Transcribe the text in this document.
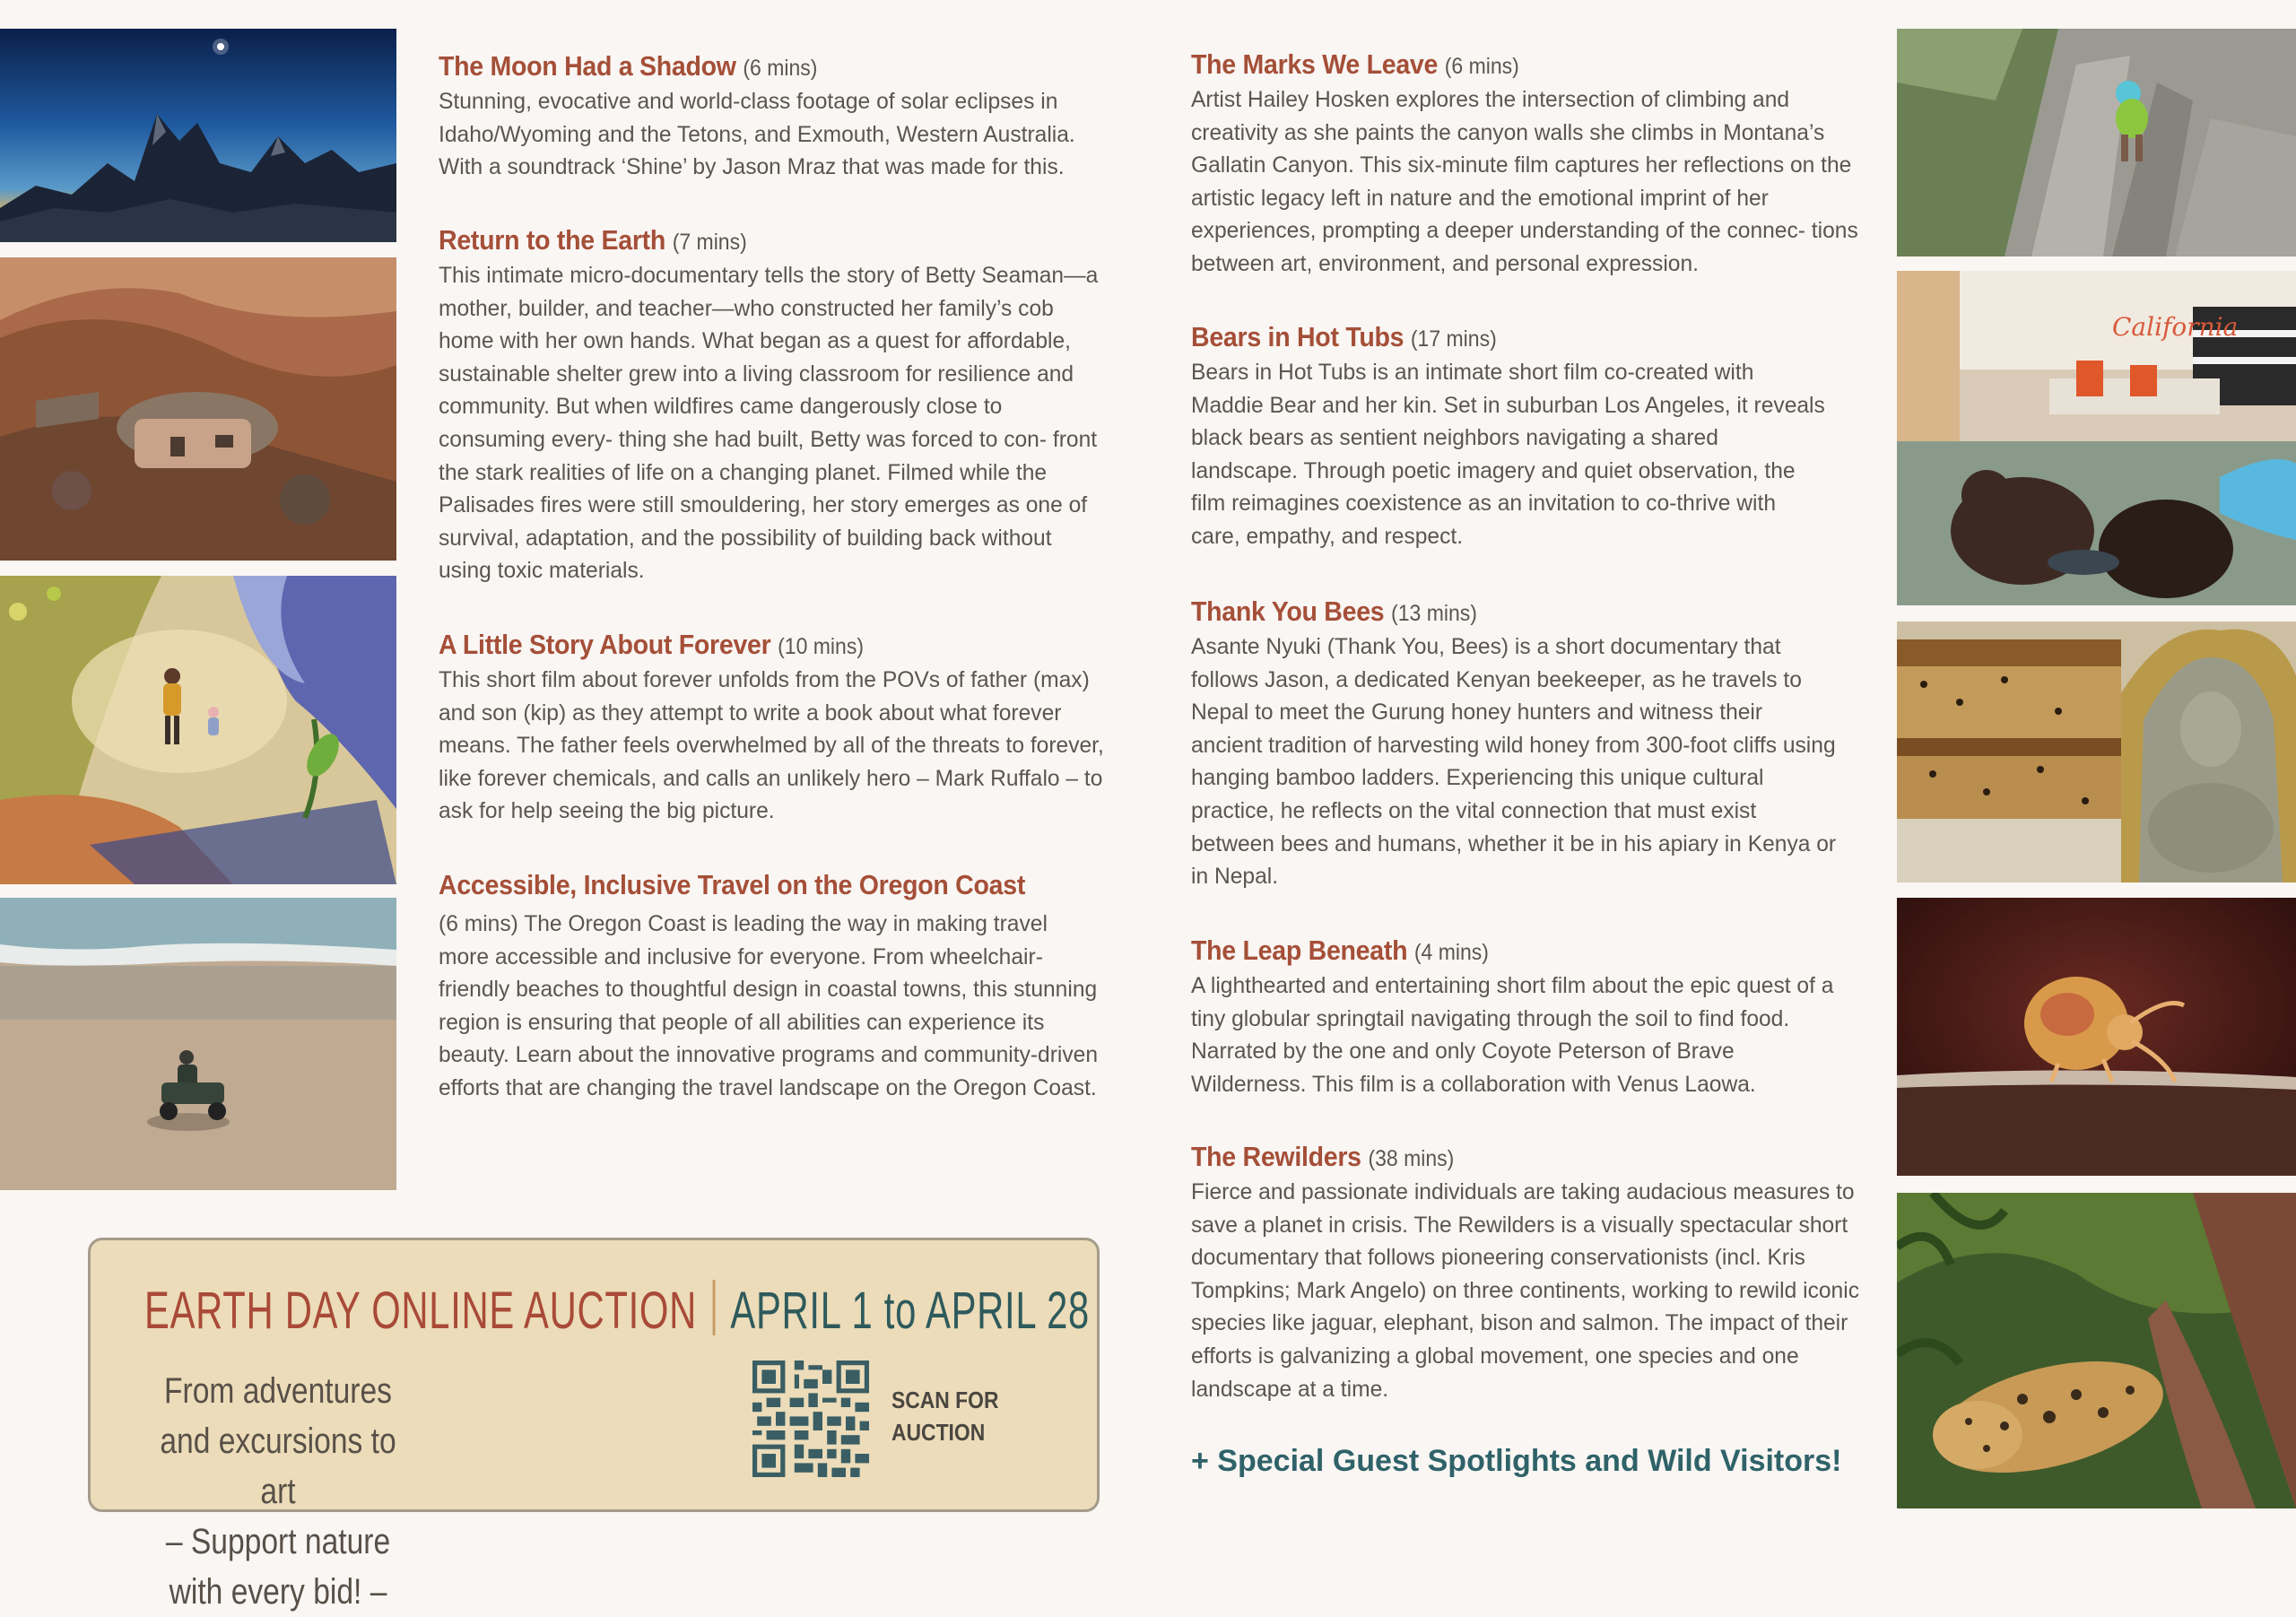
California
The Moon Had a Shadow (6 mins)

Stunning, evocative and world-class footage of solar eclipses in Idaho/Wyoming and the Tetons, and Exmouth, Western Australia. With a soundtrack ‘Shine’ by Jason Mraz that was made for this.

Return to the Earth (7 mins)

This intimate micro-documentary tells the story of Betty Seaman—a mother, builder, and teacher—who constructed her family’s cob home with her own hands. What began as a quest for affordable, sustainable shelter grew into a living classroom for resilience and community. But when wildfires came dangerously close to consuming every- thing she had built, Betty was forced to con- front the stark realities of life on a changing planet. Filmed while the Palisades fires were still smouldering, her story emerges as one of survival, adaptation, and the possibility of building back without using toxic materials.

A Little Story About Forever (10 mins)

This short film about forever unfolds from the POVs of father (max) and son (kip) as they attempt to write a book about what forever means. The father feels overwhelmed by all of the threats to forever, like forever chemicals, and calls an unlikely hero – Mark Ruffalo – to ask for help seeing the big picture.

Accessible, Inclusive Travel on the Oregon Coast

(6 mins) The Oregon Coast is leading the way in making travel more accessible and inclusive for everyone. From wheelchair-friendly beaches to thoughtful design in coastal towns, this stunning region is ensuring that people of all abilities can experience its beauty. Learn about the innovative programs and community-driven efforts that are changing the travel landscape on the Oregon Coast.

The Marks We Leave (6 mins)

Artist Hailey Hosken explores the intersection of climbing and creativity as she paints the canyon walls she climbs in Montana’s Gallatin Canyon. This six-minute film captures her reflections on the artistic legacy left in nature and the emotional imprint of her experiences, prompting a deeper understanding of the connec- tions between art, environment, and personal expression.

Bears in Hot Tubs (17 mins)

Bears in Hot Tubs is an intimate short film co-created with Maddie Bear and her kin. Set in suburban Los Angeles, it reveals black bears as sentient neighbors navigating a shared landscape. Through poetic imagery and quiet observation, the film reimagines coexistence as an invitation to co-thrive with care, empathy, and respect.

Thank You Bees (13 mins)

Asante Nyuki (Thank You, Bees) is a short documentary that follows Jason, a dedicated Kenyan beekeeper, as he travels to Nepal to meet the Gurung honey hunters and witness their ancient tradition of harvesting wild honey from 300-foot cliffs using hanging bamboo ladders. Experiencing this unique cultural practice, he reflects on the vital connection that must exist between bees and humans, whether it be in his apiary in Kenya or in Nepal.

The Leap Beneath (4 mins)

A lighthearted and entertaining short film about the epic quest of a tiny globular springtail navigating through the soil to find food. Narrated by the one and only Coyote Peterson of Brave Wilderness. This film is a collaboration with Venus Laowa.

The Rewilders (38 mins)

Fierce and passionate individuals are taking audacious measures to save a planet in crisis. The Rewilders is a visually spectacular short documentary that follows pioneering conservationists (incl. Kris Tompkins; Mark Angelo) on three continents, working to rewild iconic species like jaguar, elephant, bison and salmon. The impact of their efforts is galvanizing a global movement, one species and one landscape at a time.

+ Special Guest Spotlights and Wild Visitors!
EARTH DAY ONLINE AUCTION APRIL 1 to APRIL 28
From adventures and excursions to art
– Support nature with every bid! –
SCAN FOR
AUCTION
